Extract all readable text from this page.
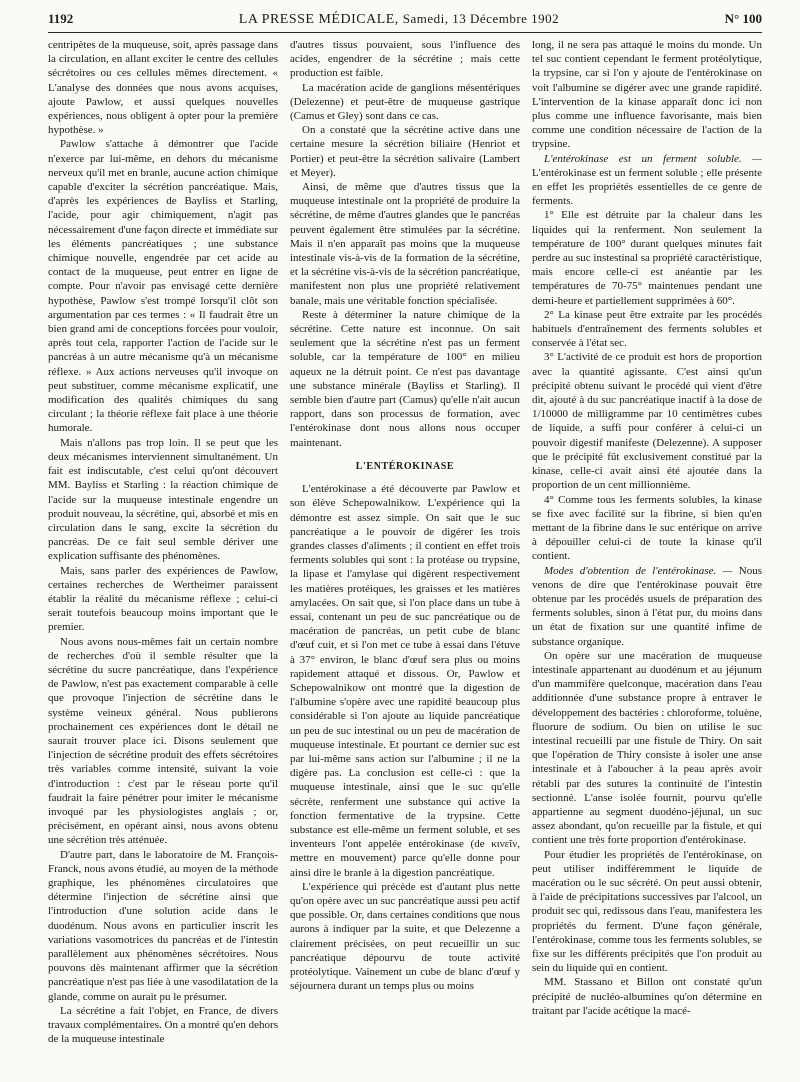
1192	LA PRESSE MÉDICALE, Samedi, 13 Décembre 1902	N° 100

centripètes de la muqueuse, soit, après passage dans la circulation, en allant exciter le centre des cellules sécrétoires ou ces cellules mêmes directement. « L'analyse des données que nous avons acquises, ajoute Pawlow, et aussi quelques nouvelles expériences, nous obligent à opter pour la première hypothèse. »

Pawlow s'attache à démontrer que l'acide n'exerce par lui-même, en dehors du mécanisme nerveux qu'il met en branle, aucune action chimique capable d'exciter la sécrétion pancréatique. Mais, d'après les expériences de Bayliss et Starling, l'acide, pour agir chimiquement, n'agit pas nécessairement d'une façon directe et immédiate sur les éléments pancréatiques ; une substance chimique nouvelle, engendrée par cet acide au contact de la muqueuse, peut entrer en ligne de compte. Pour n'avoir pas envisagé cette dernière hypothèse, Pawlow s'est trompé lorsqu'il clôt son argumentation par ces termes : « Il faudrait être un bien grand ami de conceptions forcées pour vouloir, après tout cela, rapporter l'action de l'acide sur le pancréas à un autre mécanisme qu'à un mécanisme réflexe. » Aux actions nerveuses qu'il invoque on peut substituer, comme mécanisme explicatif, une modification des qualités chimiques du sang circulant ; la théorie réflexe fait place à une théorie humorale.

Mais n'allons pas trop loin. Il se peut que les deux mécanismes interviennent simultanément. Un fait est indiscutable, c'est celui qu'ont découvert MM. Bayliss et Starling : la réaction chimique de l'acide sur la muqueuse intestinale engendre un produit nouveau, la sécrétine, qui, absorbé et mis en circulation dans le sang, excite la sécrétion du pancréas. De ce fait seul semble dériver une explication suffisante des phénomènes.

Mais, sans parler des expériences de Pawlow, certaines recherches de Wertheimer paraissent établir la réalité du mécanisme réflexe ; celui-ci serait toutefois beaucoup moins important que le premier.

Nous avons nous-mêmes fait un certain nombre de recherches d'où il semble résulter que la sécrétine du sucre pancréatique, dans l'expérience de Pawlow, n'est pas exactement comparable à celle que provoque l'injection de sécrétine dans le système veineux général. Nous publierons prochainement ces expériences dont le détail ne saurait trouver place ici. Disons seulement que l'injection de sécrétine produit des effets sécrétoires très variables comme intensité, suivant la voie d'introduction : c'est par le réseau porte qu'il faudrait la faire pénétrer pour imiter le mécanisme invoqué par les physiologistes anglais ; or, précisément, en opérant ainsi, nous avons obtenu une sécrétion très atténuée.

D'autre part, dans le laboratoire de M. François-Franck, nous avons étudié, au moyen de la méthode graphique, les phénomènes circulatoires que détermine l'injection de sécrétine ainsi que l'introduction d'une solution acide dans le duodénum. Nous avons en particulier inscrit les variations vasomotrices du pancréas et de l'intestin parallèlement aux phénomènes sécrétoires. Nous pouvons dès maintenant affirmer que la sécrétion pancréatique n'est pas liée à une vasodilatation de la glande, comme on aurait pu le présumer.

La sécrétine a fait l'objet, en France, de divers travaux complémentaires. On a montré qu'en dehors de la muqueuse intestinale

d'autres tissus pouvaient, sous l'influence des acides, engendrer de la sécrétine ; mais cette production est faible.

La macération acide de ganglions mésentériques (Delezenne) et peut-être de muqueuse gastrique (Camus et Gley) sont dans ce cas.

On a constaté que la sécrétine active dans une certaine mesure la sécrétion biliaire (Henriot et Portier) et peut-être la sécrétion salivaire (Lambert et Meyer).

Ainsi, de même que d'autres tissus que la muqueuse intestinale ont la propriété de produire la sécrétine, de même d'autres glandes que le pancréas peuvent également être stimulées par la sécrétine. Mais il n'en apparaît pas moins que la muqueuse intestinale vis-à-vis de la formation de la sécrétine, et la sécrétine vis-à-vis de la sécrétion pancréatique, manifestent non plus une propriété relativement banale, mais une véritable fonction spécialisée.

Reste à déterminer la nature chimique de la sécrétine. Cette nature est inconnue. On sait seulement que la sécrétine n'est pas un ferment soluble, car la température de 100° en milieu aqueux ne la détruit point. Ce n'est pas davantage une substance minérale (Bayliss et Starling). Il semble bien d'autre part (Camus) qu'elle n'ait aucun rapport, dans son processus de formation, avec l'entérokinase dont nous allons nous occuper maintenant.

L'ENTÉROKINASE

L'entérokinase a été découverte par Pawlow et son élève Schepowalnikow. L'expérience qui la démontre est assez simple. On sait que le suc pancréatique a le pouvoir de digérer les trois grandes classes d'aliments ; il contient en effet trois ferments solubles qui sont : la protéase ou trypsine, la lipase et l'amylase qui digèrent respectivement les matières protéiques, les graisses et les matières amylacées. On sait que, si l'on place dans un tube à essai, contenant un peu de suc pancréatique ou de macération de pancréas, un petit cube de blanc d'œuf cuit, et si l'on met ce tube à essai dans l'étuve à 37° environ, le blanc d'œuf sera plus ou moins rapidement attaqué et dissous. Or, Pawlow et Schepowalnikow ont montré que la digestion de l'albumine s'opère avec une rapidité beaucoup plus considérable si l'on ajoute au liquide pancréatique un peu de suc intestinal ou un peu de macération de muqueuse intestinale. Et pourtant ce dernier suc est par lui-même sans action sur l'albumine ; il ne la digère pas. La conclusion est celle-ci : que la muqueuse intestinale, ainsi que le suc qu'elle sécrète, renferment une substance qui active la fonction fermentative de la trypsine. Cette substance est elle-même un ferment soluble, et ses inventeurs l'ont appelée entérokinase (de κινεῖν, mettre en mouvement) parce qu'elle donne pour ainsi dire le branle à la digestion pancréatique.

L'expérience qui précède est d'autant plus nette qu'on opère avec un suc pancréatique aussi peu actif que possible. Or, dans certaines conditions que nous aurons à indiquer par la suite, et que Delezenne a clairement précisées, on peut recueillir un suc pancréatique dépourvu de toute activité protéolytique. Vainement un cube de blanc d'œuf y séjournera durant un temps plus ou moins

long, il ne sera pas attaqué le moins du monde. Un tel suc contient cependant le ferment protéolytique, la trypsine, car si l'on y ajoute de l'entérokinase on voit l'albumine se digérer avec une grande rapidité. L'intervention de la kinase apparaît donc ici non plus comme une influence favorisante, mais bien comme une condition nécessaire de l'action de la trypsine.

L'entérokinase est un ferment soluble. — L'entérokinase est un ferment soluble ; elle présente en effet les propriétés essentielles de ce genre de ferments.

1° Elle est détruite par la chaleur dans les liquides qui la renferment. Non seulement la température de 100° durant quelques minutes fait perdre au suc instestinal sa propriété caractéristique, mais encore celle-ci est anéantie par les températures de 70-75° maintenues pendant une demi-heure et partiellement supprimées à 60°.

2° La kinase peut être extraite par les procédés habituels d'entraînement des ferments solubles et conservée à l'état sec.

3° L'activité de ce produit est hors de proportion avec la quantité agissante. C'est ainsi qu'un précipité obtenu suivant le procédé qui vient d'être dit, ajouté à du suc pancréatique inactif à la dose de 1/10000 de milligramme par 10 centimètres cubes de liquide, a suffi pour conférer à celui-ci un pouvoir digestif manifeste (Delezenne). A supposer que le précipité fût exclusivement constitué par la kinase, celle-ci avait ainsi été ajoutée dans la proportion de un cent millionnième.

4° Comme tous les ferments solubles, la kinase se fixe avec facilité sur la fibrine, si bien qu'en mettant de la fibrine dans le suc entérique on arrive à dépouiller celui-ci de toute la kinase qu'il contient.

Modes d'obtention de l'entérokinase. — Nous venons de dire que l'entérokinase pouvait être obtenue par les procédés usuels de préparation des ferments solubles, sinon à l'état pur, du moins dans un état de fixation sur une quantité infime de substance organique.

On opère sur une macération de muqueuse intestinale appartenant au duodénum et au jéjunum d'un mammifère quelconque, macération dans l'eau additionnée d'une substance propre à entraver le développement des bactéries : chloroforme, toluène, fluorure de sodium. Ou bien on utilise le suc intestinal recueilli par une fistule de Thiry. On sait que l'opération de Thiry consiste à isoler une anse intestinale et à l'aboucher à la peau après avoir rétabli par des sutures la continuité de l'intestin sectionné. L'anse isolée fournit, pourvu qu'elle appartienne au segment duodéno-jéjunal, un suc assez abondant, qu'on recueille par la fistule, et qui contient une très forte proportion d'entérokinase.

Pour étudier les propriétés de l'entérokinase, on peut utiliser indifféremment le liquide de macération ou le suc sécrété. On peut aussi obtenir, à l'aide de précipitations successives par l'alcool, un produit sec qui, redissous dans l'eau, manifestera les propriétés du ferment. D'une façon générale, l'entérokinase, comme tous les ferments solubles, se fixe sur les différents précipités que l'on produit au sein du liquide qui en contient.

MM. Stassano et Billon ont constaté qu'un précipité de nucléo-albumines qu'on détermine en traitant par l'acide acétique la macé-
